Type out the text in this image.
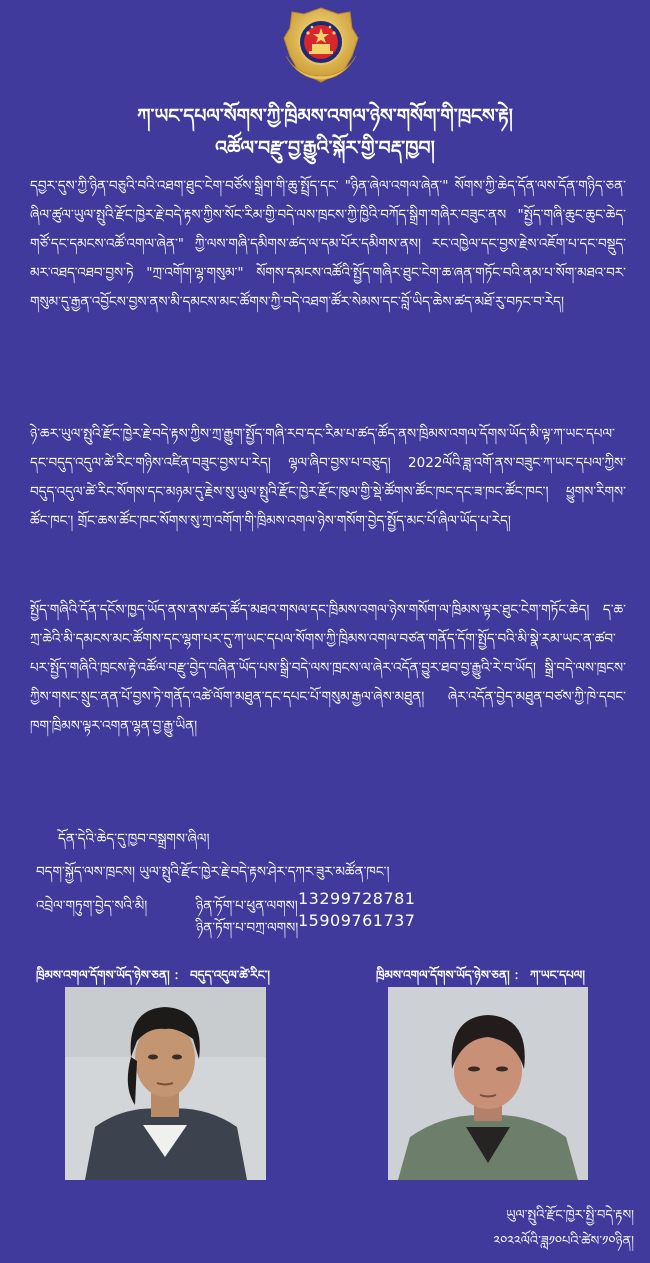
ཀ་ཡང་དཔལ་སོགས་ཀྱི་ཁྲིམས་འགལ་ཉེས་གསོག་གི་ཁྲངས་རྟེ།
འཚོལ་བརྫུ་བྱ་རྒྱུའི་སྐོར་གྱི་བརྡ་ཁྱབ།
དབྱར་དུས་ཀྱི་ཉིན་བཅུའི་བའི་འཐག་ཐུང་ངེག་བཙོས་སྒྲིག་གི་ཆུ་སྤྲོད་དང་ "ཉིན་ཞེལ་འགལ་ཞེན་" སོགས་ཀྱི་ཆེད་དོན་ལས་དོན་གཉིད་ཅན་ཞིལ་ཚུལ་ཡུལ་སྤུའི་རྫོང་ཁྱེར་རྗེ་བདེ་རྟས་ཀྱིས་སོང་རིམ་གྱི་བདེ་ལས་ཁྲངས་ཀྱི་ཁྱིའི་བཀོད་སྒྲིག་གཞིར་བཟུང་ནས "སྤྱོད་གཞི་ཆུང་ཆུང་ཆེད་གཙོ་དང་དམངས་འཚོ་འགལ་ཞེན་" ཀྱི་ལས་གཞི་དམིགས་ཚད་ལ་དམ་པོར་དམིགས་ནས། རང་འཁྱེལ་དང་བྱས་རྗེས་འཇོག་པ་དང་བསྡུད་མར་འཐད་འཐབ་བྱས་ཏེ "ཀྲ་འགོག་ལྷ་གསུམ་" སོགས་དམངས་འཚོའི་སྤྱོད་གཞིར་ཐུང་ངེག་ཆ་ཞན་གཏོང་བའི་ནམ་པ་སོག་མཐའ་བར་གསུམ་དུ་རྒྱན་འབྱོངས་བྱས་ནས་མི་དམངས་མང་ཚོགས་ཀྱི་བདེ་འཐག་ཚོར་སེམས་དང་བློ་ཡིད་ཆེས་ཚད་མཐོ་རུ་བཏང་བ་རེད།
ཉེ་ཆར་ཡུལ་སྤུའི་རྫོང་ཁྱེར་རྗེ་བདེ་རྟས་ཀྱིས་ཀྲ་རྒྱུག་སྤྱོད་གཞི་རབ་དང་རིམ་པ་ཚད་ཚོད་ནས་ཁྲིམས་འགལ་དོགས་ཡོད་མི་ལྟ་ཀ་ཡང་དཔལ་དང་བདུད་འདུལ་ཚེ་རིང་གཉིས་འཛིན་བཟུང་བྱས་པ་རེད། ལྷལ་ཞིབ་བྱས་པ་བཅུད། 2022ལོའི་ཟླ་འགོ་ནས་བཟུང་ཀ་ཡང་དཔལ་ཀྱིས་བདུད་འདུལ་ཚེ་རིང་སོགས་དང་མཉམ་དུ་རྗེས་སུ་ཡུལ་སྤུའི་རྫོང་ཁྱེར་རྫོང་ཁུལ་གྱི་སྡེ་ཚོགས་ཚོང་ཁང་དང་ཟ་ཁང་ཚོང་ཁང་། ཕྱུགས་རིགས་ཚོང་ཁང་། གྲོང་ཆས་ཚོང་ཁང་སོགས་སུ་ཀྲ་འགོག་གི་ཁྲིམས་འགལ་ཉེས་གསོག་བྱེད་སྤྱོད་མང་པོ་ཞིལ་ཡོད་པ་རེད།
སྤྱོད་གཞིའི་དོན་དངོས་ཁྱད་ཡོད་ནས་ནས་ཚད་ཚོད་མཐའ་གསལ་དང་ཁྲིམས་འགལ་ཉེས་གསོག་ལ་ཁྲིམས་ལྟར་ཐུང་ངེག་གཏོང་ཆེད། ད་ཆ་ཀྲ་ཆེའི་མི་དམངས་མང་ཚོགས་དང་ལྷག་པར་དུ་ཀ་ཡང་དཔལ་སོགས་ཀྱི་ཁྲིམས་འགལ་བཙན་གནོད་དོག་སྤྱོད་བའི་མི་སྣེ་རམ་ཡང་ན་ཚབ་པར་སྤྱོད་གཞིའི་ཁྲངས་རྟེ་འཚོལ་བརྫུ་བྱེད་བཞིན་ཡོད་པས་སྒྲི་བདེ་ལས་ཁྲངས་ལ་ཞེར་འདོན་བྱུར་ཐབ་བྱ་རྒྱུའི་རེ་བ་ཡོད། སྒྲི་བདེ་ལས་ཁྲངས་ཀྱིས་གསང་སྲུང་ནན་པོ་བྱས་ཏེ་གནོད་འཚེ་ལོག་མཐུན་དང་དཔང་པོ་གསུམ་རྒྱལ་ཞེས་མཐུན། ཞེར་འདོན་བྱེད་མཐུན་བཙས་ཀྱི་ཁེ་དབང་ཁག་ཁྲིམས་ལྟར་འགན་ལྷན་བྱ་རྒྱུ་ཡིན།
དོན་དེའི་ཆེད་དུ་ཁྱབ་བསྒྲགས་ཞིལ།
བདག་སྐྱོད་ལས་ཁྲངས། ཡུལ་སྤུའི་རྫོང་ཁྱེར་རྗེ་བདེ་རྟས་ཤེར་དཀར་ཟུར་མཚོན་ཁང་།
འབྲེལ་གཏུག་བྱེད་སའི་མི།	ཉིན་ཏོག་པ་ཕུན་ལགས། 13299728781
ཉིན་ཏོག་པ་བཀྲ་ལགས། 15909761737
ཁྲིམས་འགལ་དོགས་ཡོད་ཉེས་ཅན། ： བདུད་འདུལ་ཚེ་རིང་།	ཁྲིམས་འགལ་དོགས་ཡོད་ཉེས་ཅན། ： ཀ་ཡང་དཔལ།
ཡུལ་སྤུའི་རྫོང་ཁྱེར་སྤྱི་བདེ་རྟས།
༢༠༢༢ལོའི་ཟླ༡༠པའི་ཚེས་༡༠ཉིན།
